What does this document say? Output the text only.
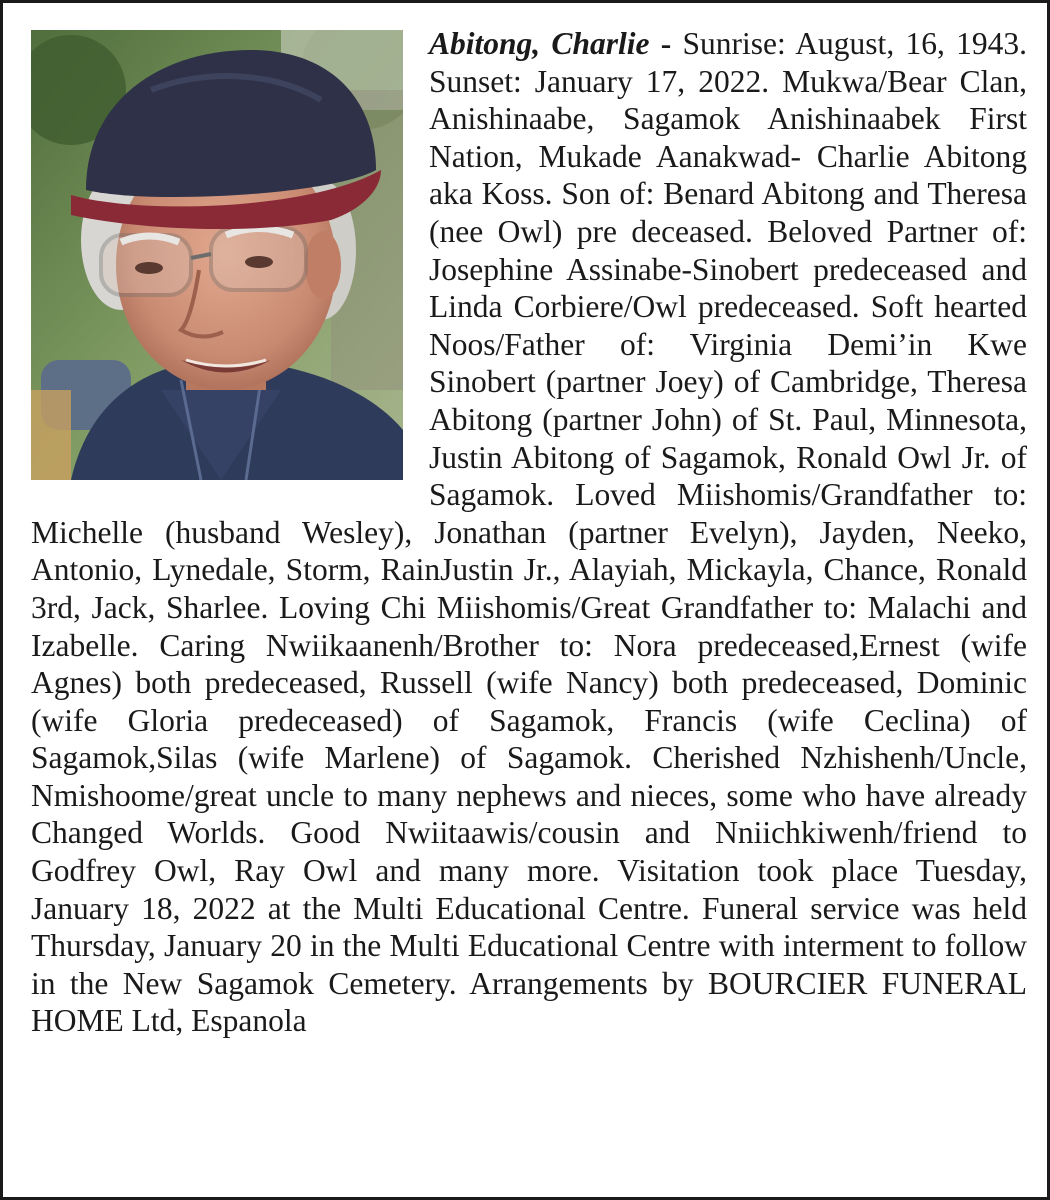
Abitong, Charlie - Sunrise: August, 16, 1943. Sunset: January 17, 2022. Mukwa/Bear Clan, Anishinaabe, Sagamok Anishinaabek First Nation, Mukade Aanakwad- Charlie Abitong aka Koss. Son of: Benard Abitong and Theresa (nee Owl) pre deceased. Beloved Partner of: Josephine Assinabe-Sinobert predeceased and Linda Corbiere/Owl predeceased. Soft hearted Noos/Father of: Virginia Demi’in Kwe Sinobert (partner Joey) of Cambridge, Theresa Abitong (partner John) of St. Paul, Minnesota, Justin Abitong of Sagamok, Ronald Owl Jr. of Sagamok. Loved Miishomis/Grandfather to: Michelle (husband Wesley), Jonathan (partner Evelyn), Jayden, Neeko, Antonio, Lynedale, Storm, RainJustin Jr., Alayiah, Mickayla, Chance, Ronald 3rd, Jack, Sharlee. Loving Chi Miishomis/Great Grandfather to: Malachi and Izabelle. Caring Nwiikaanenh/Brother to: Nora predeceased,Ernest (wife Agnes) both predeceased, Russell (wife Nancy) both predeceased, Dominic (wife Gloria predeceased) of Sagamok, Francis (wife Ceclina) of Sagamok,Silas (wife Marlene) of Sagamok. Cherished Nzhishenh/Uncle, Nmishoome/great uncle to many nephews and nieces, some who have already Changed Worlds. Good Nwiitaawis/cousin and Nniichkiwenh/friend to Godfrey Owl, Ray Owl and many more. Visitation took place Tuesday, January 18, 2022 at the Multi Educational Centre. Funeral service was held Thursday, January 20 in the Multi Educational Centre with interment to follow in the New Sagamok Cemetery. Arrangements by BOURCIER FUNERAL HOME Ltd, Espanola
